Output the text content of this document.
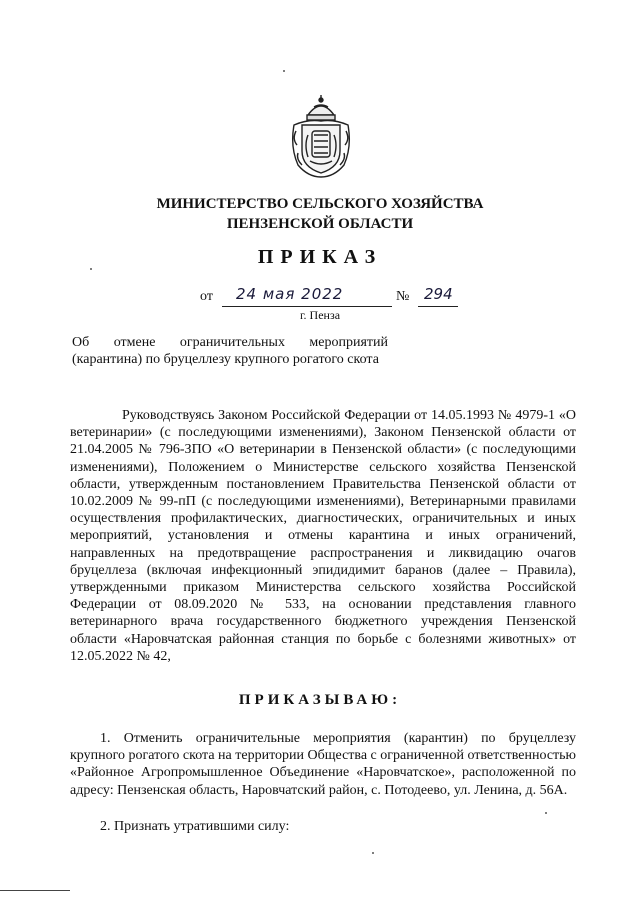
МИНИСТЕРСТВО СЕЛЬСКОГО ХОЗЯЙСТВА
ПЕНЗЕНСКОЙ ОБЛАСТИ
ПРИКАЗ
от 24 мая 2022	№ 294
г. Пенза
Об отмене ограничительных мероприятий (карантина) по бруцеллезу крупного рогатого скота
Руководствуясь Законом Российской Федерации от 14.05.1993 № 4979-1 «О ветеринарии» (с последующими изменениями), Законом Пензенской области от 21.04.2005 № 796-ЗПО «О ветеринарии в Пензенской области» (с последующими изменениями), Положением о Министерстве сельского хозяйства Пензенской области, утвержденным постановлением Правительства Пензенской области от 10.02.2009 № 99-пП (с последующими изменениями), Ветеринарными правилами осуществления профилактических, диагностических, ограничительных и иных мероприятий, установления и отмены карантина и иных ограничений, направленных на предотвращение распространения и ликвидацию очагов бруцеллеза (включая инфекционный эпидидимит баранов (далее – Правила), утвержденными приказом Министерства сельского хозяйства Российской Федерации от 08.09.2020 № 533, на основании представления главного ветеринарного врача государственного бюджетного учреждения Пензенской области «Наровчатская районная станция по борьбе с болезнями животных» от 12.05.2022 № 42,
ПРИКАЗЫВАЮ:
1. Отменить ограничительные мероприятия (карантин) по бруцеллезу крупного рогатого скота на территории Общества с ограниченной ответственностью «Районное Агропромышленное Объединение «Наровчатское», расположенной по адресу: Пензенская область, Наровчатский район, с. Потодеево, ул. Ленина, д. 56А.
2. Признать утратившими силу:
